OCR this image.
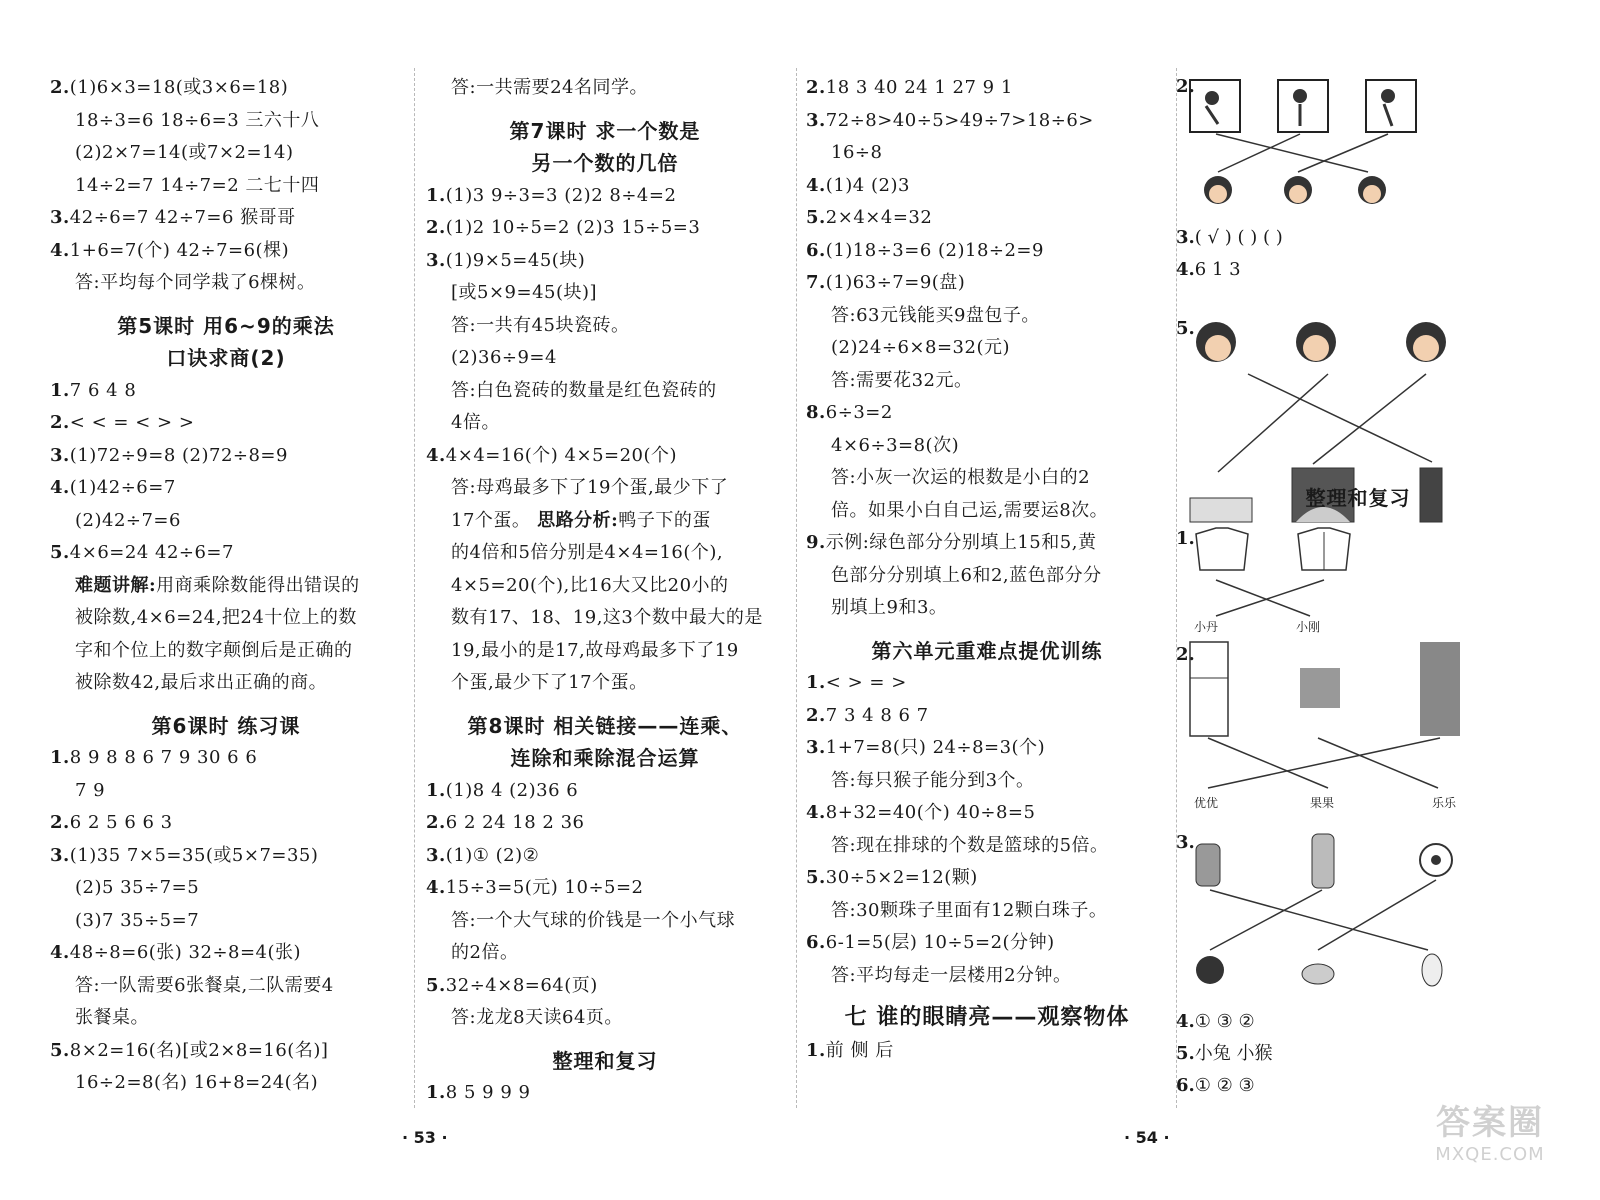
2.(1)6×3=18(或3×6=18)
18÷3=6 18÷6=3 三六十八
(2)2×7=14(或7×2=14)
14÷2=7 14÷7=2 二七十四
3.42÷6=7 42÷7=6 猴哥哥
4.1+6=7(个) 42÷7=6(棵)
答:平均每个同学栽了6棵树。
第5课时 用6~9的乘法
口诀求商(2)
1.7 6 4 8
2.< < = < > >
3.(1)72÷9=8 (2)72÷8=9
4.(1)42÷6=7
(2)42÷7=6
5.4×6=24 42÷6=7
难题讲解:用商乘除数能得出错误的
被除数,4×6=24,把24十位上的数
字和个位上的数字颠倒后是正确的
被除数42,最后求出正确的商。
第6课时 练习课
1.8 9 8 8 6 7 9 30 6 6
7 9
2.6 2 5 6 6 3
3.(1)35 7×5=35(或5×7=35)
(2)5 35÷7=5
(3)7 35÷5=7
4.48÷8=6(张) 32÷8=4(张)
答:一队需要6张餐桌,二队需要4
张餐桌。
5.8×2=16(名)[或2×8=16(名)]
16÷2=8(名) 16+8=24(名)
答:一共需要24名同学。
第7课时 求一个数是
另一个数的几倍
1.(1)3 9÷3=3 (2)2 8÷4=2
2.(1)2 10÷5=2 (2)3 15÷5=3
3.(1)9×5=45(块)
[或5×9=45(块)]
答:一共有45块瓷砖。
(2)36÷9=4
答:白色瓷砖的数量是红色瓷砖的
4倍。
4.4×4=16(个) 4×5=20(个)
答:母鸡最多下了19个蛋,最少下了
17个蛋。 思路分析:鸭子下的蛋
的4倍和5倍分别是4×4=16(个),
4×5=20(个),比16大又比20小的
数有17、18、19,这3个数中最大的是
19,最小的是17,故母鸡最多下了19
个蛋,最少下了17个蛋。
第8课时 相关链接——连乘、
连除和乘除混合运算
1.(1)8 4 (2)36 6
2.6 2 24 18 2 36
3.(1)① (2)②
4.15÷3=5(元) 10÷5=2
答:一个大气球的价钱是一个小气球
的2倍。
5.32÷4×8=64(页)
答:龙龙8天读64页。
整理和复习
1.8 5 9 9 9
2.18 3 40 24 1 27 9 1
3.72÷8>40÷5>49÷7>18÷6>
16÷8
4.(1)4 (2)3
5.2×4×4=32
6.(1)18÷3=6 (2)18÷2=9
7.(1)63÷7=9(盘)
答:63元钱能买9盘包子。
(2)24÷6×8=32(元)
答:需要花32元。
8.6÷3=2
4×6÷3=8(次)
答:小灰一次运的根数是小白的2
倍。如果小白自己运,需要运8次。
9.示例:绿色部分分别填上15和5,黄
色部分分别填上6和2,蓝色部分分
别填上9和3。
第六单元重难点提优训练
1.< > = >
2.7 3 4 8 6 7
3.1+7=8(只) 24÷8=3(个)
答:每只猴子能分到3个。
4.8+32=40(个) 40÷8=5
答:现在排球的个数是篮球的5倍。
5.30÷5×2=12(颗)
答:30颗珠子里面有12颗白珠子。
6.6-1=5(层) 10÷5=2(分钟)
答:平均每走一层楼用2分钟。
七 谁的眼睛亮——观察物体
1.前 侧 后
2.
3.( √ ) ( ) ( )
4.6 1 3
5.
整理和复习
1.
小丹	小刚
2.
优优	果果	乐乐
3.
4.① ③ ②
5.小兔 小猴
6.① ② ③
· 53 ·	· 54 ·	答案圈
MXQE.COM
